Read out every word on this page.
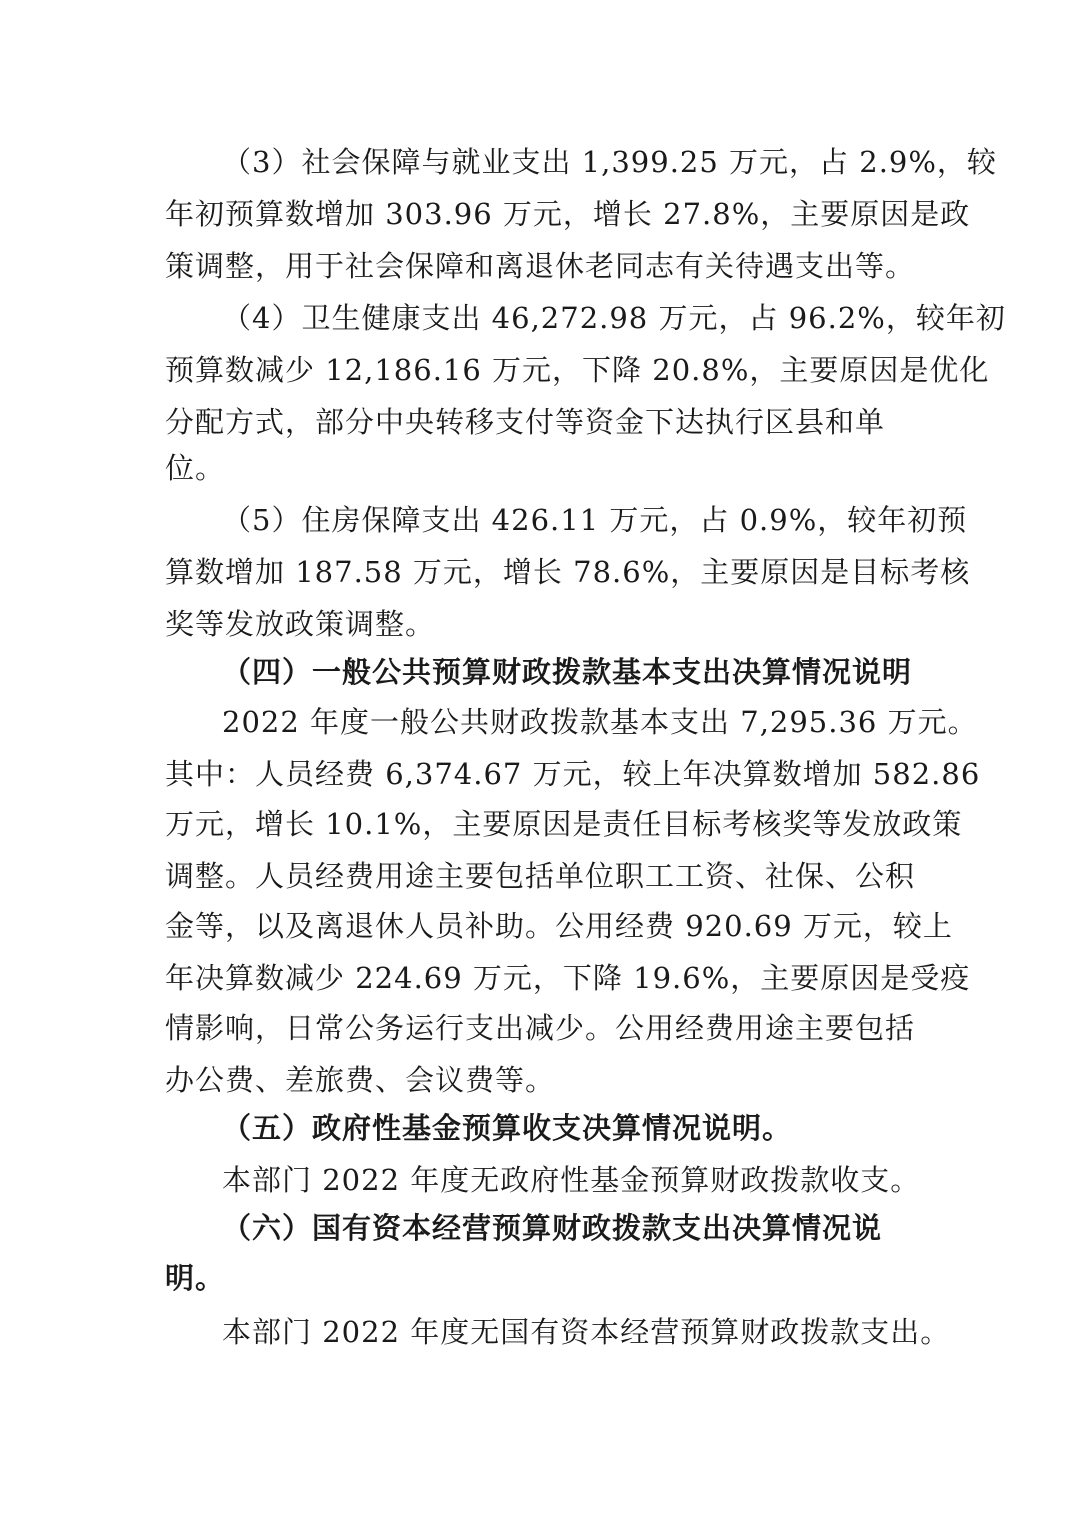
（3）社会保障与就业支出 1,399.25 万元，占 2.9%，较
年初预算数增加 303.96 万元，增长 27.8%，主要原因是政
策调整，用于社会保障和离退休老同志有关待遇支出等。
（4）卫生健康支出 46,272.98 万元，占 96.2%，较年初
预算数减少 12,186.16 万元，下降 20.8%，主要原因是优化
分配方式，部分中央转移支付等资金下达执行区县和单
位。
（5）住房保障支出 426.11 万元，占 0.9%，较年初预
算数增加 187.58 万元，增长 78.6%，主要原因是目标考核
奖等发放政策调整。
（四）一般公共预算财政拨款基本支出决算情况说明
2022 年度一般公共财政拨款基本支出 7,295.36 万元。
其中：人员经费 6,374.67 万元，较上年决算数增加 582.86
万元，增长 10.1%，主要原因是责任目标考核奖等发放政策
调整。人员经费用途主要包括单位职工工资、社保、公积
金等，以及离退休人员补助。公用经费 920.69 万元，较上
年决算数减少 224.69 万元，下降 19.6%，主要原因是受疫
情影响，日常公务运行支出减少。公用经费用途主要包括
办公费、差旅费、会议费等。
（五）政府性基金预算收支决算情况说明。
本部门 2022 年度无政府性基金预算财政拨款收支。
（六）国有资本经营预算财政拨款支出决算情况说
明。
本部门 2022 年度无国有资本经营预算财政拨款支出。
